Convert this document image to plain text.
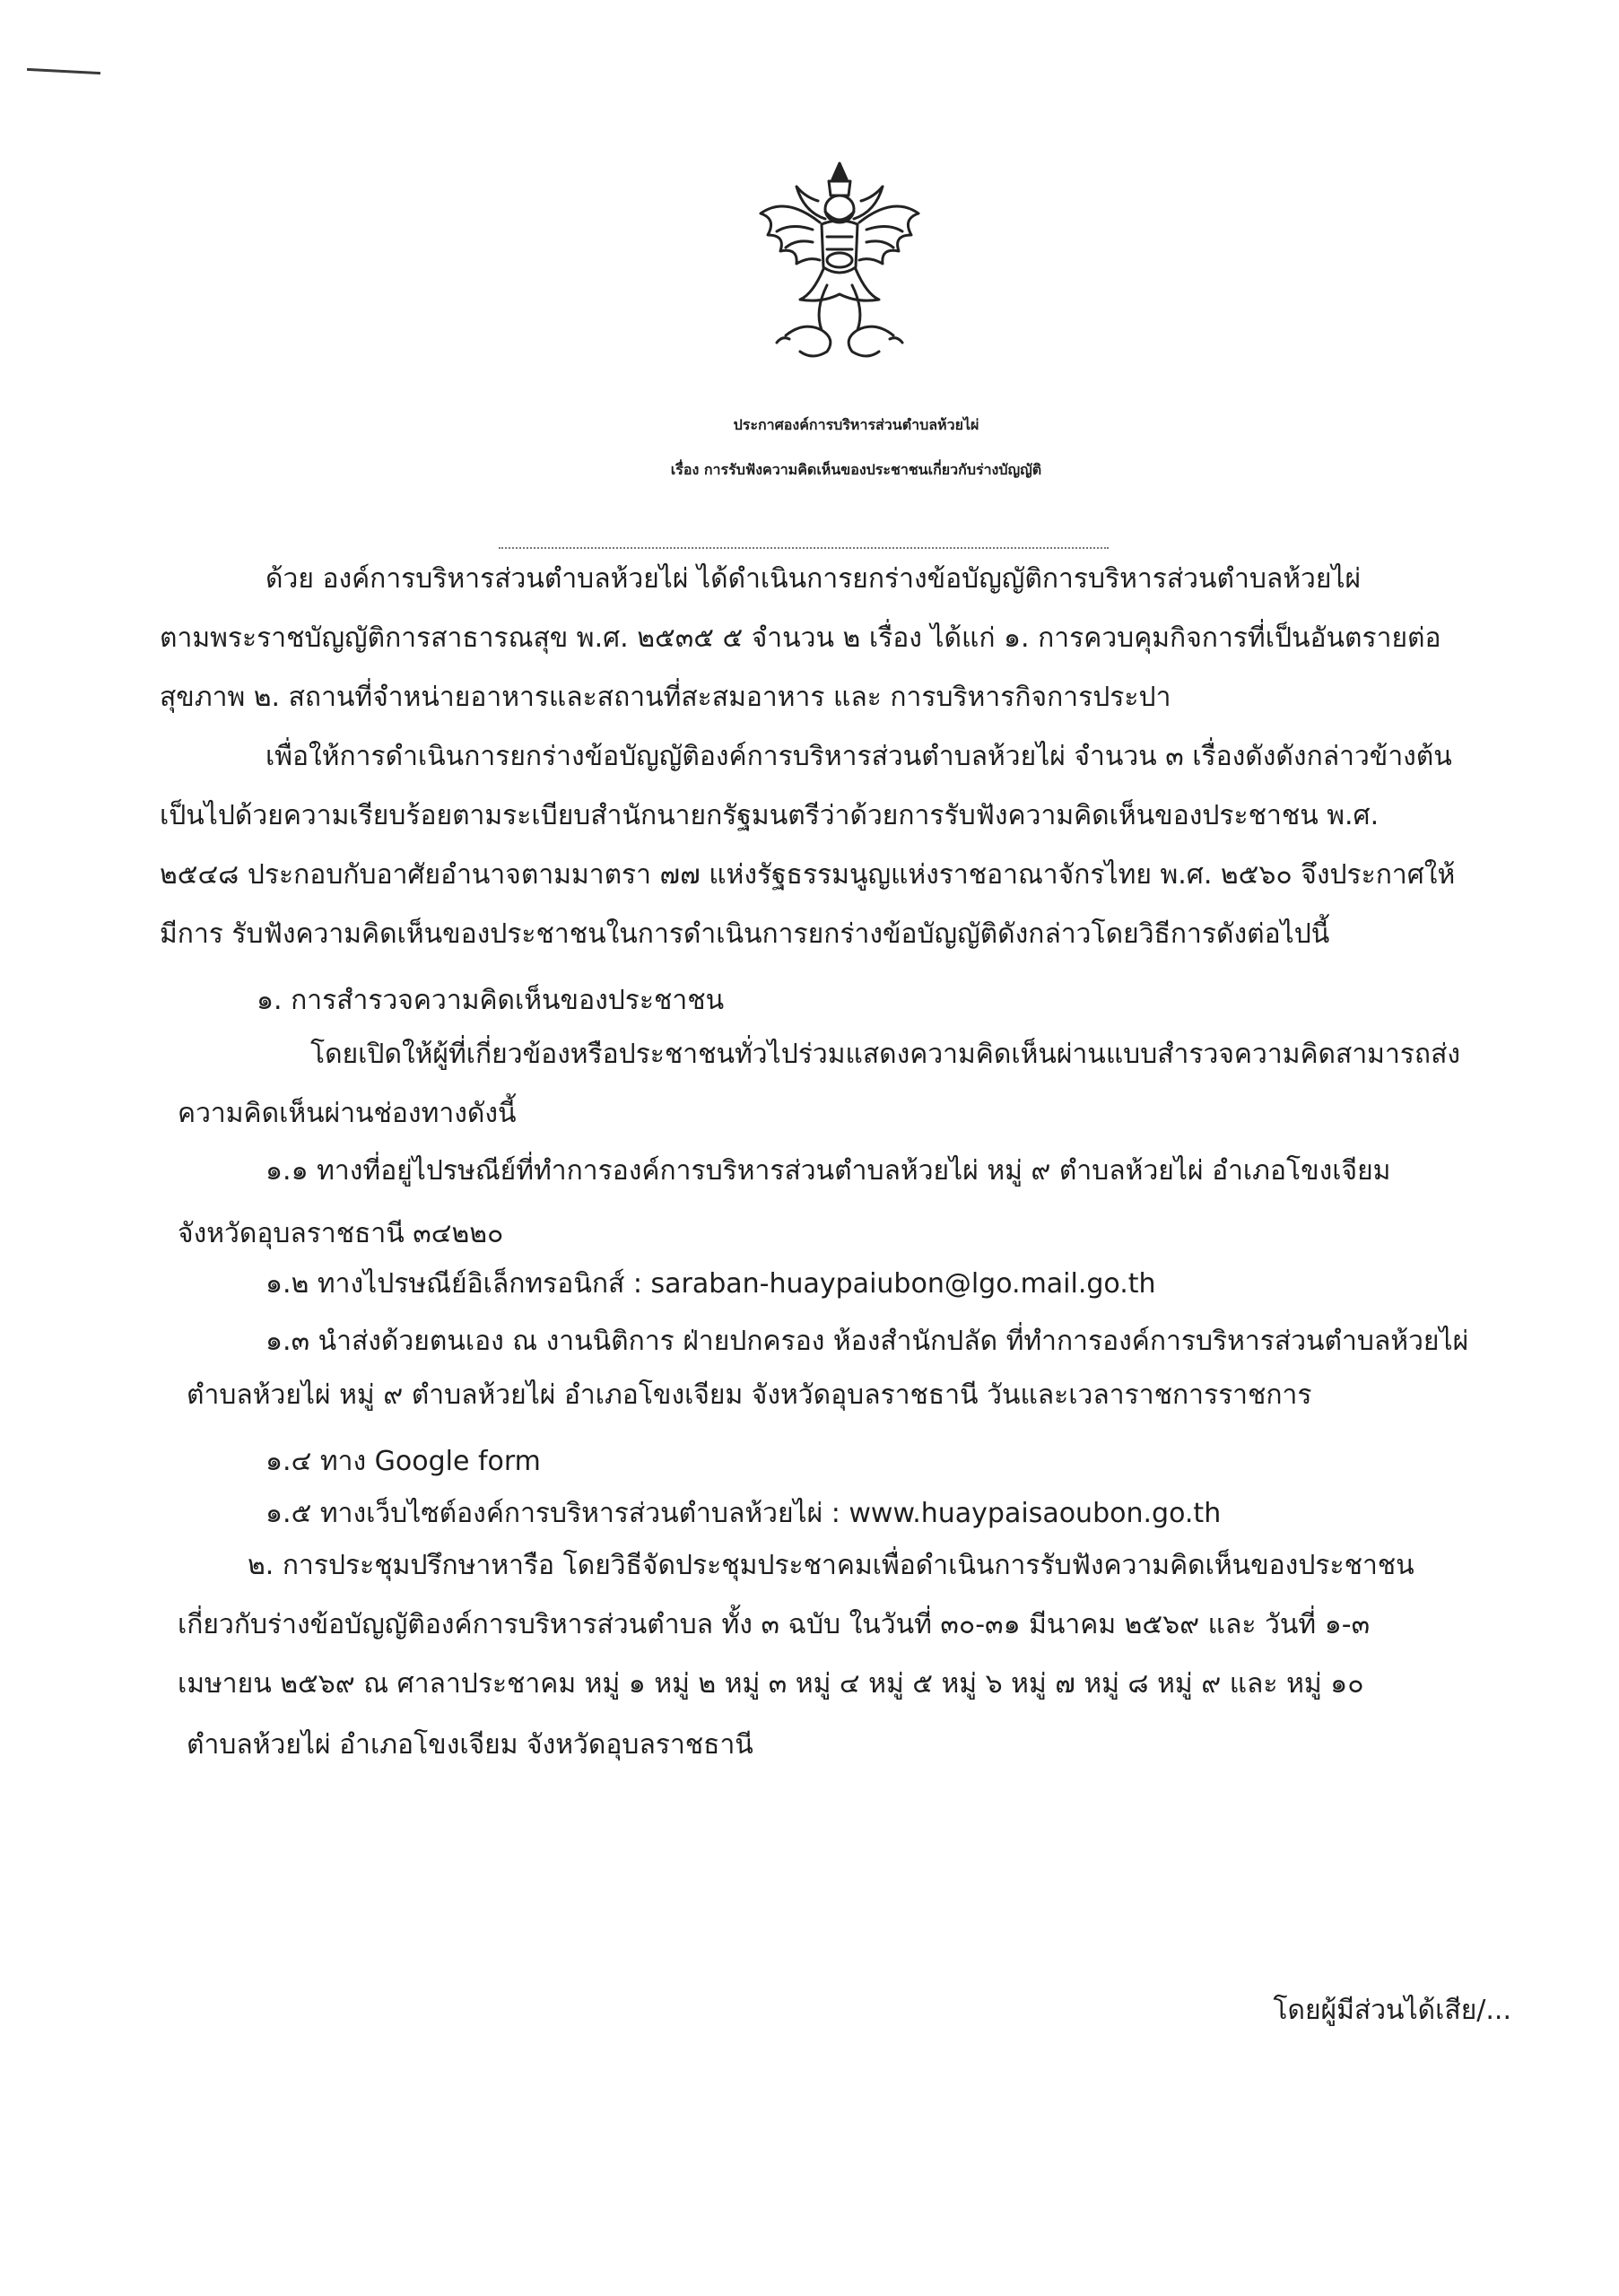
ประกาศองค์การบริหารส่วนตำบลห้วยไผ่
เรื่อง การรับฟังความคิดเห็นของประชาชนเกี่ยวกับร่างบัญญัติ
ด้วย องค์การบริหารส่วนตำบลห้วยไผ่ ได้ดำเนินการยกร่างข้อบัญญัติการบริหารส่วนตำบลห้วยไผ่
ตามพระราชบัญญัติการสาธารณสุข พ.ศ. ๒๕๓๕ ๕ จำนวน ๒ เรื่อง ได้แก่ ๑. การควบคุมกิจการที่เป็นอันตรายต่อ
สุขภาพ ๒. สถานที่จำหน่ายอาหารและสถานที่สะสมอาหาร และ การบริหารกิจการประปา
เพื่อให้การดำเนินการยกร่างข้อบัญญัติองค์การบริหารส่วนตำบลห้วยไผ่ จำนวน ๓ เรื่องดังดังกล่าวข้างต้น
เป็นไปด้วยความเรียบร้อยตามระเบียบสำนักนายกรัฐมนตรีว่าด้วยการรับฟังความคิดเห็นของประชาชน พ.ศ.
๒๕๔๘ ประกอบกับอาศัยอำนาจตามมาตรา ๗๗ แห่งรัฐธรรมนูญแห่งราชอาณาจักรไทย พ.ศ. ๒๕๖๐ จึงประกาศให้
มีการ รับฟังความคิดเห็นของประชาชนในการดำเนินการยกร่างข้อบัญญัติดังกล่าวโดยวิธีการดังต่อไปนี้
๑. การสำรวจความคิดเห็นของประชาชน
โดยเปิดให้ผู้ที่เกี่ยวข้องหรือประชาชนทั่วไปร่วมแสดงความคิดเห็นผ่านแบบสำรวจความคิดสามารถส่ง
ความคิดเห็นผ่านช่องทางดังนี้
๑.๑ ทางที่อยู่ไปรษณีย์ที่ทำการองค์การบริหารส่วนตำบลห้วยไผ่ หมู่ ๙ ตำบลห้วยไผ่ อำเภอโขงเจียม
จังหวัดอุบลราชธานี ๓๔๒๒๐
๑.๒ ทางไปรษณีย์อิเล็กทรอนิกส์ : saraban-huaypaiubon@lgo.mail.go.th
๑.๓ นำส่งด้วยตนเอง ณ งานนิติการ ฝ่ายปกครอง ห้องสำนักปลัด ที่ทำการองค์การบริหารส่วนตำบลห้วยไผ่
ตำบลห้วยไผ่ หมู่ ๙ ตำบลห้วยไผ่ อำเภอโขงเจียม จังหวัดอุบลราชธานี วันและเวลาราชการราชการ
๑.๔ ทาง Google form
๑.๕ ทางเว็บไซต์องค์การบริหารส่วนตำบลห้วยไผ่ : www.huaypaisaoubon.go.th
๒. การประชุมปรึกษาหารือ โดยวิธีจัดประชุมประชาคมเพื่อดำเนินการรับฟังความคิดเห็นของประชาชน
เกี่ยวกับร่างข้อบัญญัติองค์การบริหารส่วนตำบล ทั้ง ๓ ฉบับ ในวันที่ ๓๐-๓๑ มีนาคม ๒๕๖๙ และ วันที่ ๑-๓
เมษายน ๒๕๖๙ ณ ศาลาประชาคม หมู่ ๑ หมู่ ๒ หมู่ ๓ หมู่ ๔ หมู่ ๕ หมู่ ๖ หมู่ ๗ หมู่ ๘ หมู่ ๙ และ หมู่ ๑๐
ตำบลห้วยไผ่ อำเภอโขงเจียม จังหวัดอุบลราชธานี
โดยผู้มีส่วนได้เสีย/...
